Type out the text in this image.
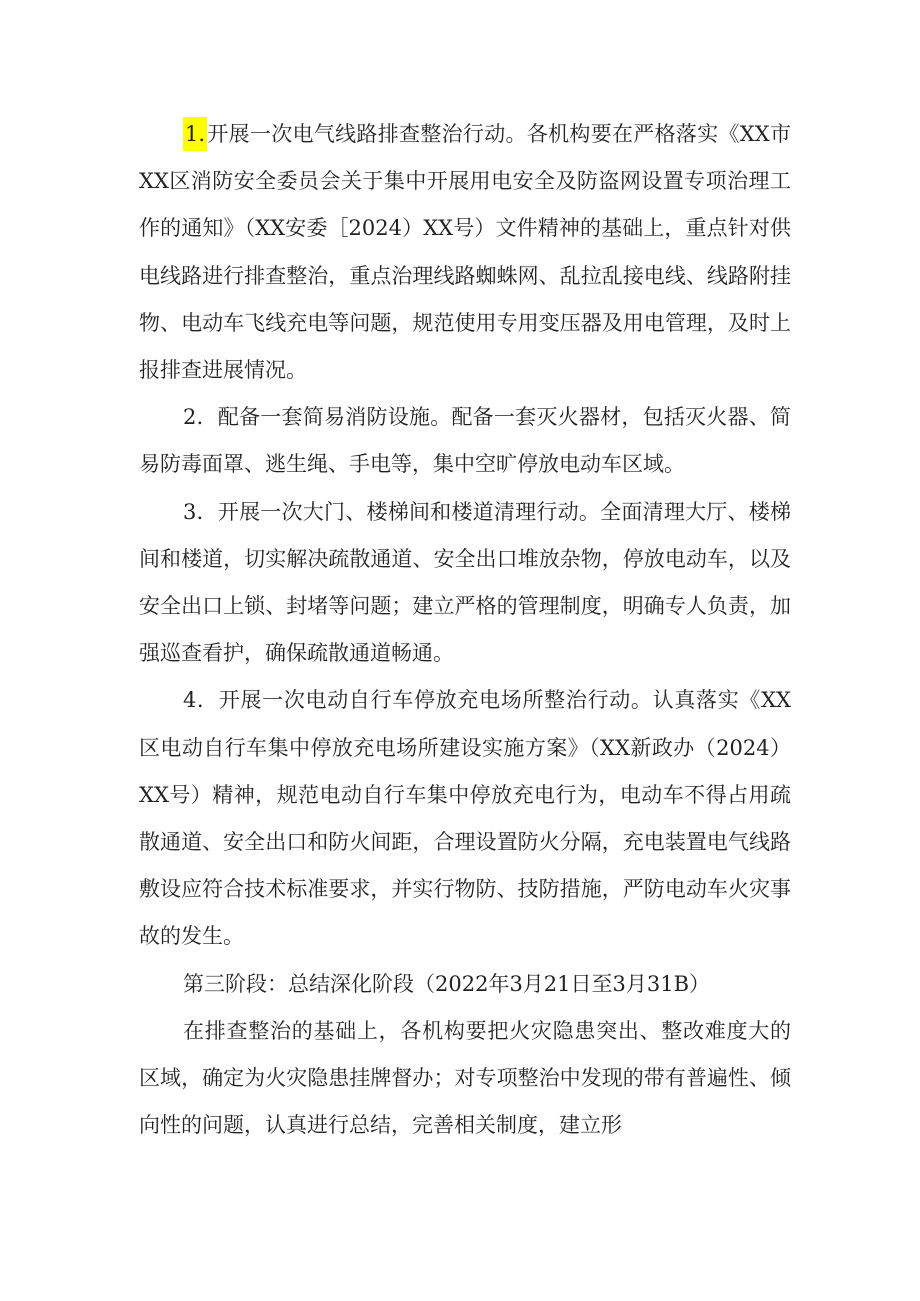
1.开展一次电气线路排查整治行动。各机构要在严格落实《XX市XX区消防安全委员会关于集中开展用电安全及防盗网设置专项治理工作的通知》（XX安委［2024）XX号）文件精神的基础上，重点针对供电线路进行排查整治，重点治理线路蜘蛛网、乱拉乱接电线、线路附挂物、电动车飞线充电等问题，规范使用专用变压器及用电管理，及时上报排查进展情况。

2．配备一套简易消防设施。配备一套灭火器材，包括灭火器、简易防毒面罩、逃生绳、手电等，集中空旷停放电动车区域。

3．开展一次大门、楼梯间和楼道清理行动。全面清理大厅、楼梯间和楼道，切实解决疏散通道、安全出口堆放杂物，停放电动车，以及安全出口上锁、封堵等问题；建立严格的管理制度，明确专人负责，加强巡查看护，确保疏散通道畅通。

4．开展一次电动自行车停放充电场所整治行动。认真落实《XX区电动自行车集中停放充电场所建设实施方案》（XX新政办（2024）XX号）精神，规范电动自行车集中停放充电行为，电动车不得占用疏散通道、安全出口和防火间距，合理设置防火分隔，充电装置电气线路敷设应符合技术标准要求，并实行物防、技防措施，严防电动车火灾事故的发生。

第三阶段：总结深化阶段（2022年3月21日至3月31B）

在排查整治的基础上，各机构要把火灾隐患突出、整改难度大的区域，确定为火灾隐患挂牌督办；对专项整治中发现的带有普遍性、倾向性的问题，认真进行总结，完善相关制度，建立形
